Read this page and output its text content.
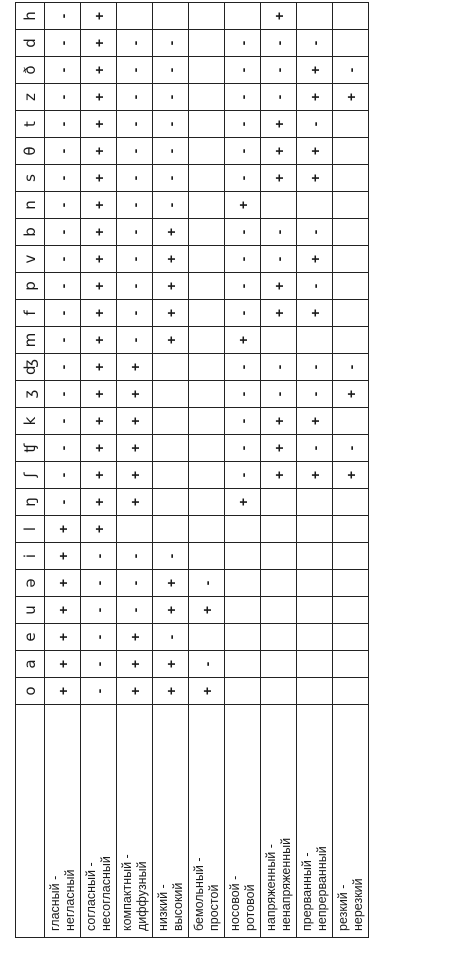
	o	a	e	u	ə	i	l	ŋ	ʃ	ʧ	k	ʒ	ʤ	m	f	p	v	b	n	s	θ	t	z	ð	d	h

гласный - негласный	+	+	+	+	+	+	+	-	-	-	-	-	-	-	-	-	-	-	-	-	-	-	-	-	-	-

согласный - несогласный	-	-	-	-	-	-	+	+	+	+	+	+	+	+	+	+	+	+	+	+	+	+	+	+	+	+

компактный - диффузный	+	+	+	-	-	-		+	+	+	+	+	+	-	-	-	-	-	-	-	-	-	-	-	-	

низкий - высокий	+	+	-	+	+	-								+	+	+	+	+	-	-	-	-	-	-	-	

бемольный - простой	+	-		+	-																					

носовой - ротовой								+	-	-	-	-	-	+	-	-	-	-	+	-	-	-	-	-	-	

напряженный - ненапряженный									+	+	+	-	-		+	+	-	-		+	+	+	-	-	-	+

прерванный - непрерванный									+	-	+	-	-		+	-	+	-		+	+	-	+	+	-	

резкий - нерезкий									+	-		+	-										+	-		
